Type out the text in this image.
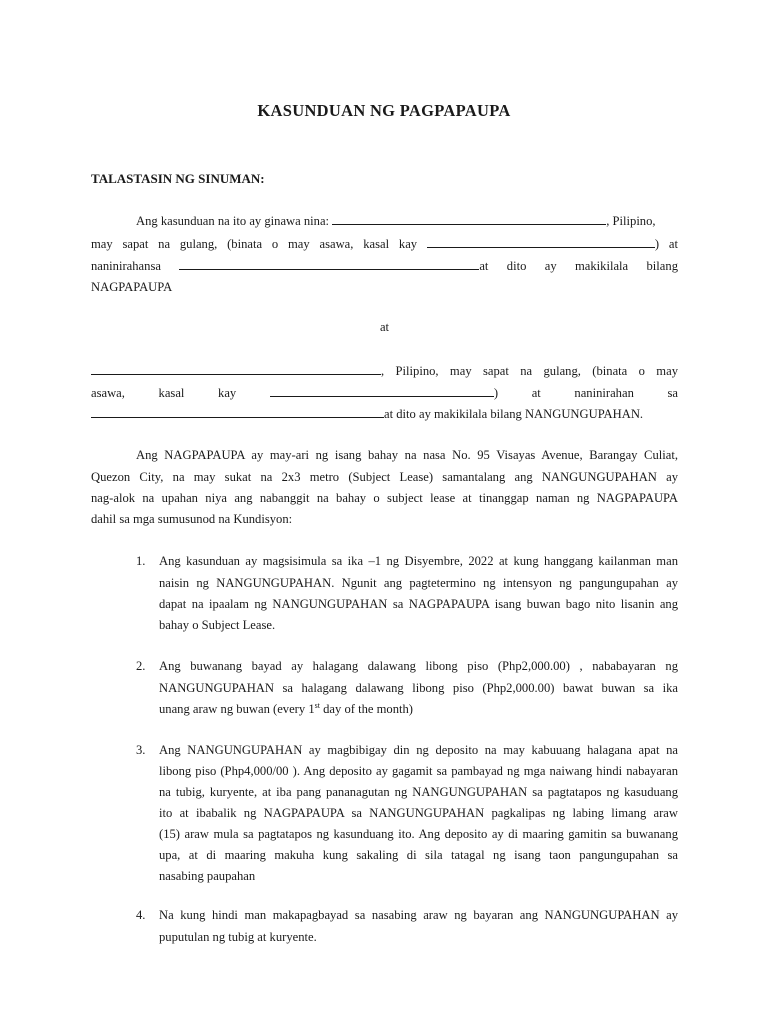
KASUNDUAN NG PAGPAPAUPA
TALASTASIN NG SINUMAN:
Ang kasunduan na ito ay ginawa nina:	, Pilipino,
may sapat na gulang, (binata o may asawa, kasal kay	) at
naninirahansa	at dito ay makikilala bilang
NAGPAPAUPA
at
, Pilipino, may sapat na gulang, (binata o may
asawa, kasal kay	) at naninirahan sa
at dito ay makikilala bilang NANGUNGUPAHAN.
Ang NAGPAPAUPA ay may-ari ng isang bahay na nasa No. 95 Visayas Avenue, Barangay Culiat,
Quezon City, na may sukat na 2x3 metro (Subject Lease) samantalang ang NANGUNGUPAHAN ay
nag-alok na upahan niya ang nabanggit na bahay o subject lease at tinanggap naman ng NAGPAPAUPA
dahil sa mga sumusunod na Kundisyon:
1. Ang kasunduan ay magsisimula sa ika –1 ng Disyembre, 2022 at kung hanggang kailanman man
naisin ng NANGUNGUPAHAN. Ngunit ang pagtetermino ng intensyon ng pangungupahan ay
dapat na ipaalam ng NANGUNGUPAHAN sa NAGPAPAUPA isang buwan bago nito lisanin ang
bahay o Subject Lease.
2. Ang buwanang bayad ay halagang dalawang libong piso (Php2,000.00) , nababayaran ng
NANGUNGUPAHAN sa halagang dalawang libong piso (Php2,000.00) bawat buwan sa ika
unang araw ng buwan (every 1st day of the month)
3. Ang NANGUNGUPAHAN ay magbibigay din ng deposito na may kabuuang halagana apat na
libong piso (Php4,000/00 ). Ang deposito ay gagamit sa pambayad ng mga naiwang hindi nabayaran
na tubig, kuryente, at iba pang pananagutan ng NANGUNGUPAHAN sa pagtatapos ng kasuduang
ito at ibabalik ng NAGPAPAUPA sa NANGUNGUPAHAN pagkalipas ng labing limang araw
(15) araw mula sa pagtatapos ng kasunduang ito. Ang deposito ay di maaring gamitin sa buwanang
upa, at di maaring makuha kung sakaling di sila tatagal ng isang taon pangungupahan sa
nasabing paupahan
4. Na kung hindi man makapagbayad sa nasabing araw ng bayaran ang NANGUNGUPAHAN ay
puputulan ng tubig at kuryente.
